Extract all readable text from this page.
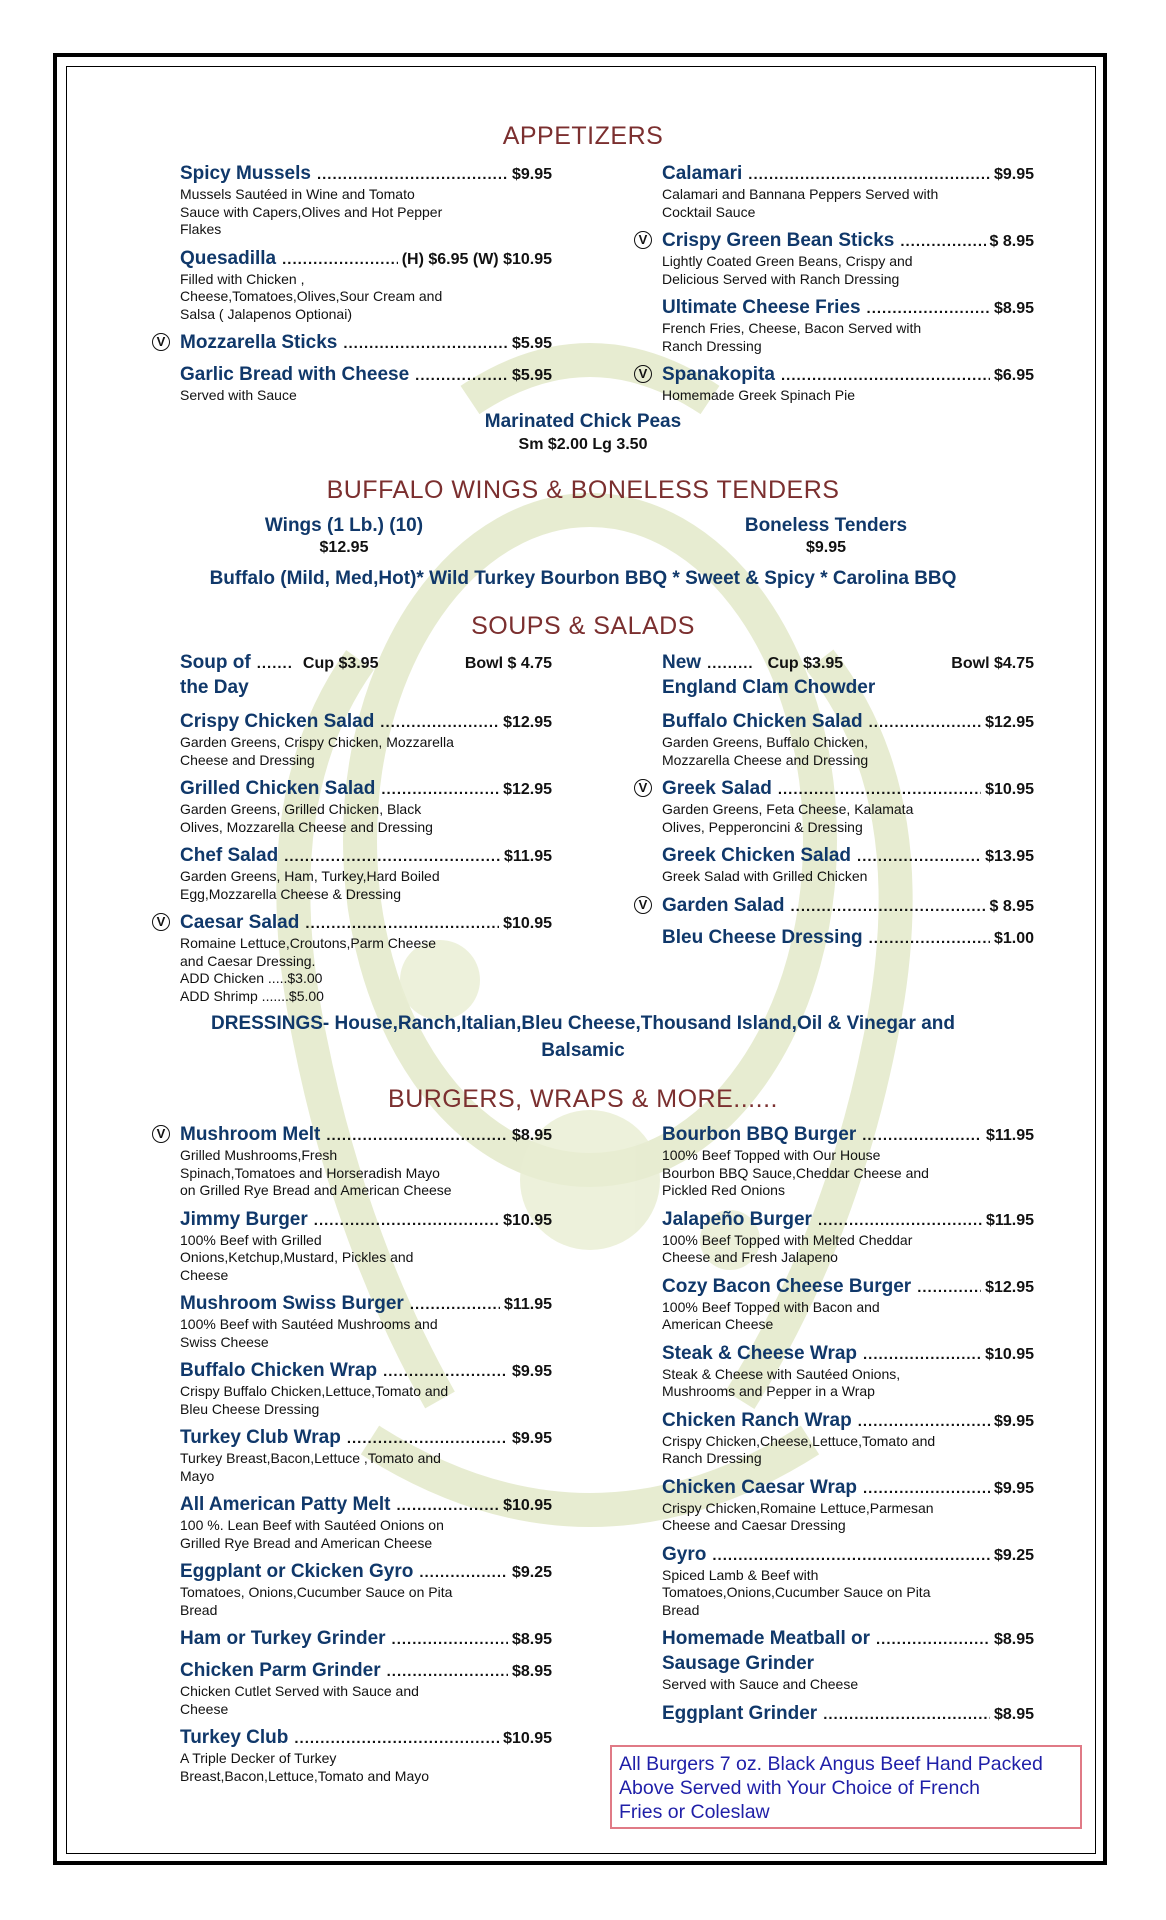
APPETIZERS
Spicy Mussels .....	$9.95
Mussels Sautéed in Wine and Tomato
Sauce with Capers,Olives and Hot Pepper
Flakes
Quesadilla .....	(H) $6.95 (W) $10.95
Filled with Chicken ,
Cheese,Tomatoes,Olives,Sour Cream and
Salsa ( Jalapenos Optionai)
V Mozzarella Sticks .....	$5.95
Garlic Bread with Cheese .....	$5.95
Served with Sauce
Calamari .....	$9.95
Calamari and Bannana Peppers Served with
Cocktail Sauce
V Crispy Green Bean Sticks .....	$ 8.95
Lightly Coated Green Beans, Crispy and
Delicious Served with Ranch Dressing
Ultimate Cheese Fries .....	$8.95
French Fries, Cheese, Bacon Served with
Ranch Dressing
V Spanakopita .....	$6.95
Homemade Greek Spinach Pie
Marinated Chick Peas
Sm $2.00 Lg 3.50
BUFFALO WINGS & BONELESS TENDERS
Wings (1 Lb.) (10)
$12.95
Boneless Tenders
$9.95
Buffalo (Mild, Med,Hot)* Wild Turkey Bourbon BBQ * Sweet & Spicy * Carolina BBQ
SOUPS & SALADS
Soup of ....... Cup $3.95	Bowl $ 4.75
the Day
New ......... Cup $3.95	Bowl $4.75
England Clam Chowder
Crispy Chicken Salad .....	$12.95
Garden Greens, Crispy Chicken, Mozzarella
Cheese and Dressing
Grilled Chicken Salad .....	$12.95
Garden Greens, Grilled Chicken, Black
Olives, Mozzarella Cheese and Dressing
Chef Salad .....	$11.95
Garden Greens, Ham, Turkey,Hard Boiled
Egg,Mozzarella Cheese & Dressing
V Caesar Salad .....	$10.95
Romaine Lettuce,Croutons,Parm Cheese
and Caesar Dressing.
ADD Chicken .....$3.00
ADD Shrimp .......$5.00
Buffalo Chicken Salad .....	$12.95
Garden Greens, Buffalo Chicken,
Mozzarella Cheese and Dressing
V Greek Salad .....	$10.95
Garden Greens, Feta Cheese, Kalamata
Olives, Pepperoncini & Dressing
Greek Chicken Salad .....	$13.95
Greek Salad with Grilled Chicken
V Garden Salad .....	$ 8.95
Bleu Cheese Dressing .....	$1.00
DRESSINGS- House,Ranch,Italian,Bleu Cheese,Thousand Island,Oil & Vinegar and
Balsamic
BURGERS, WRAPS & MORE......
V Mushroom Melt .....	$8.95
Grilled Mushrooms,Fresh
Spinach,Tomatoes and Horseradish Mayo
on Grilled Rye Bread and American Cheese
Jimmy Burger .....	$10.95
100% Beef with Grilled
Onions,Ketchup,Mustard, Pickles and
Cheese
Mushroom Swiss Burger .....	$11.95
100% Beef with Sautéed Mushrooms and
Swiss Cheese
Buffalo Chicken Wrap .....	$9.95
Crispy Buffalo Chicken,Lettuce,Tomato and
Bleu Cheese Dressing
Turkey Club Wrap .....	$9.95
Turkey Breast,Bacon,Lettuce ,Tomato and
Mayo
All American Patty Melt .....	$10.95
100 %. Lean Beef with Sautéed Onions on
Grilled Rye Bread and American Cheese
Eggplant or Ckicken Gyro .....	$9.25
Tomatoes, Onions,Cucumber Sauce on Pita
Bread
Ham or Turkey Grinder .....	$8.95
Chicken Parm Grinder .....	$8.95
Chicken Cutlet Served with Sauce and
Cheese
Turkey Club .....	$10.95
A Triple Decker of Turkey
Breast,Bacon,Lettuce,Tomato and Mayo
Bourbon BBQ Burger .....	$11.95
100% Beef Topped with Our House
Bourbon BBQ Sauce,Cheddar Cheese and
Pickled Red Onions
Jalapeño Burger .....	$11.95
100% Beef Topped with Melted Cheddar
Cheese and Fresh Jalapeno
Cozy Bacon Cheese Burger .....	$12.95
100% Beef Topped with Bacon and
American Cheese
Steak & Cheese Wrap .....	$10.95
Steak & Cheese with Sautéed Onions,
Mushrooms and Pepper in a Wrap
Chicken Ranch Wrap .....	$9.95
Crispy Chicken,Cheese,Lettuce,Tomato and
Ranch Dressing
Chicken Caesar Wrap .....	$9.95
Crispy Chicken,Romaine Lettuce,Parmesan
Cheese and Caesar Dressing
Gyro .....	$9.25
Spiced Lamb & Beef with
Tomatoes,Onions,Cucumber Sauce on Pita
Bread
Homemade Meatball or .....	$8.95
Sausage Grinder
Served with Sauce and Cheese
Eggplant Grinder .....	$8.95
All Burgers 7 oz. Black Angus Beef Hand Packed
Above Served with Your Choice of French
Fries or Coleslaw
